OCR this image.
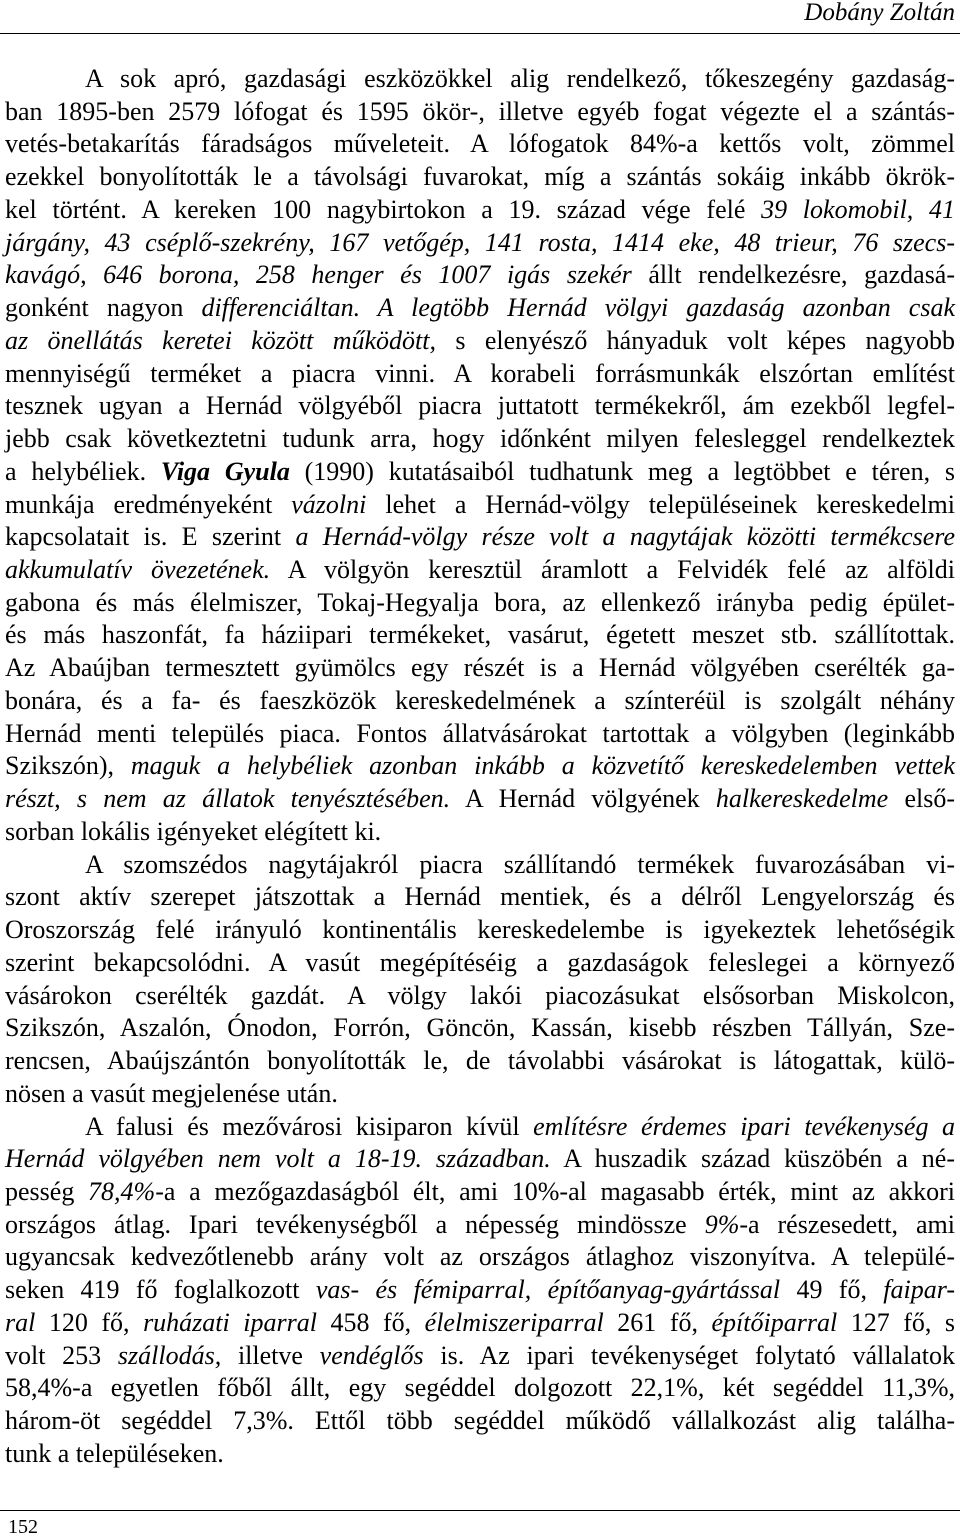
Dobány Zoltán
A sok apró, gazdasági eszközökkel alig rendelkező, tőkeszegény gazdaság-
ban 1895-ben 2579 lófogat és 1595 ökör-, illetve egyéb fogat végezte el a szántás-
vetés-betakarítás fáradságos műveleteit. A lófogatok 84%-a kettős volt, zömmel
ezekkel bonyolították le a távolsági fuvarokat, míg a szántás sokáig inkább ökrök-
kel történt. A kereken 100 nagybirtokon a 19. század vége felé 39 lokomobil, 41
járgány, 43 cséplő-szekrény, 167 vetőgép, 141 rosta, 1414 eke, 48 trieur, 76 szecs-
kavágó, 646 borona, 258 henger és 1007 igás szekér állt rendelkezésre, gazdasá-
gonként nagyon differenciáltan. A legtöbb Hernád völgyi gazdaság azonban csak
az önellátás keretei között működött, s elenyésző hányaduk volt képes nagyobb
mennyiségű terméket a piacra vinni. A korabeli forrásmunkák elszórtan említést
tesznek ugyan a Hernád völgyéből piacra juttatott termékekről, ám ezekből legfel-
jebb csak következtetni tudunk arra, hogy időnként milyen felesleggel rendelkeztek
a helybéliek. Viga Gyula (1990) kutatásaiból tudhatunk meg a legtöbbet e téren, s
munkája eredményeként vázolni lehet a Hernád-völgy településeinek kereskedelmi
kapcsolatait is. E szerint a Hernád-völgy része volt a nagytájak közötti termékcsere
akkumulatív övezetének. A völgyön keresztül áramlott a Felvidék felé az alföldi
gabona és más élelmiszer, Tokaj-Hegyalja bora, az ellenkező irányba pedig épület-
és más haszonfát, fa háziipari termékeket, vasárut, égetett meszet stb. szállítottak.
Az Abaújban termesztett gyümölcs egy részét is a Hernád völgyében cserélték ga-
bonára, és a fa- és faeszközök kereskedelmének a színteréül is szolgált néhány
Hernád menti település piaca. Fontos állatvásárokat tartottak a völgyben (leginkább
Szikszón), maguk a helybéliek azonban inkább a közvetítő kereskedelemben vettek
részt, s nem az állatok tenyésztésében. A Hernád völgyének halkereskedelme első-
sorban lokális igényeket elégített ki.
A szomszédos nagytájakról piacra szállítandó termékek fuvarozásában vi-
szont aktív szerepet játszottak a Hernád mentiek, és a délről Lengyelország és
Oroszország felé irányuló kontinentális kereskedelembe is igyekeztek lehetőségik
szerint bekapcsolódni. A vasút megépítéséig a gazdaságok feleslegei a környező
vásárokon cserélték gazdát. A völgy lakói piacozásukat elsősorban Miskolcon,
Szikszón, Aszalón, Ónodon, Forrón, Göncön, Kassán, kisebb részben Tállyán, Sze-
rencsen, Abaújszántón bonyolították le, de távolabbi vásárokat is látogattak, külö-
nösen a vasút megjelenése után.
A falusi és mezővárosi kisiparon kívül említésre érdemes ipari tevékenység a
Hernád völgyében nem volt a 18-19. században. A huszadik század küszöbén a né-
pesség 78,4%-a a mezőgazdaságból élt, ami 10%-al magasabb érték, mint az akkori
országos átlag. Ipari tevékenységből a népesség mindössze 9%-a részesedett, ami
ugyancsak kedvezőtlenebb arány volt az országos átlaghoz viszonyítva. A települé-
seken 419 fő foglalkozott vas- és fémiparral, építőanyag-gyártással 49 fő, faipar-
ral 120 fő, ruházati iparral 458 fő, élelmiszeriparral 261 fő, építőiparral 127 fő, s
volt 253 szállodás, illetve vendéglős is. Az ipari tevékenységet folytató vállalatok
58,4%-a egyetlen főből állt, egy segéddel dolgozott 22,1%, két segéddel 11,3%,
három-öt segéddel 7,3%. Ettől több segéddel működő vállalkozást alig találha-
tunk a településeken.
152
